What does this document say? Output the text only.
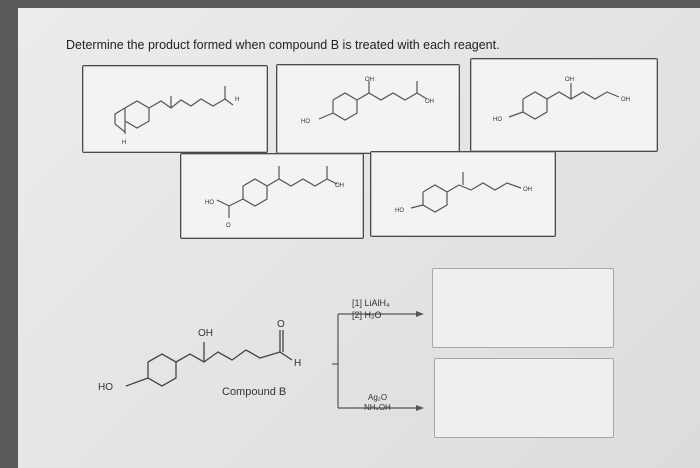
Determine the product formed when compound B is treated with each reagent.
H
H
OH
OH
HO
OH
OH
HO
OH
HO
O
OH
HO
OH
O
H
HO	Compound B
[1] LiAlH₄
[2] H₂O
Ag₂O
NH₄OH
